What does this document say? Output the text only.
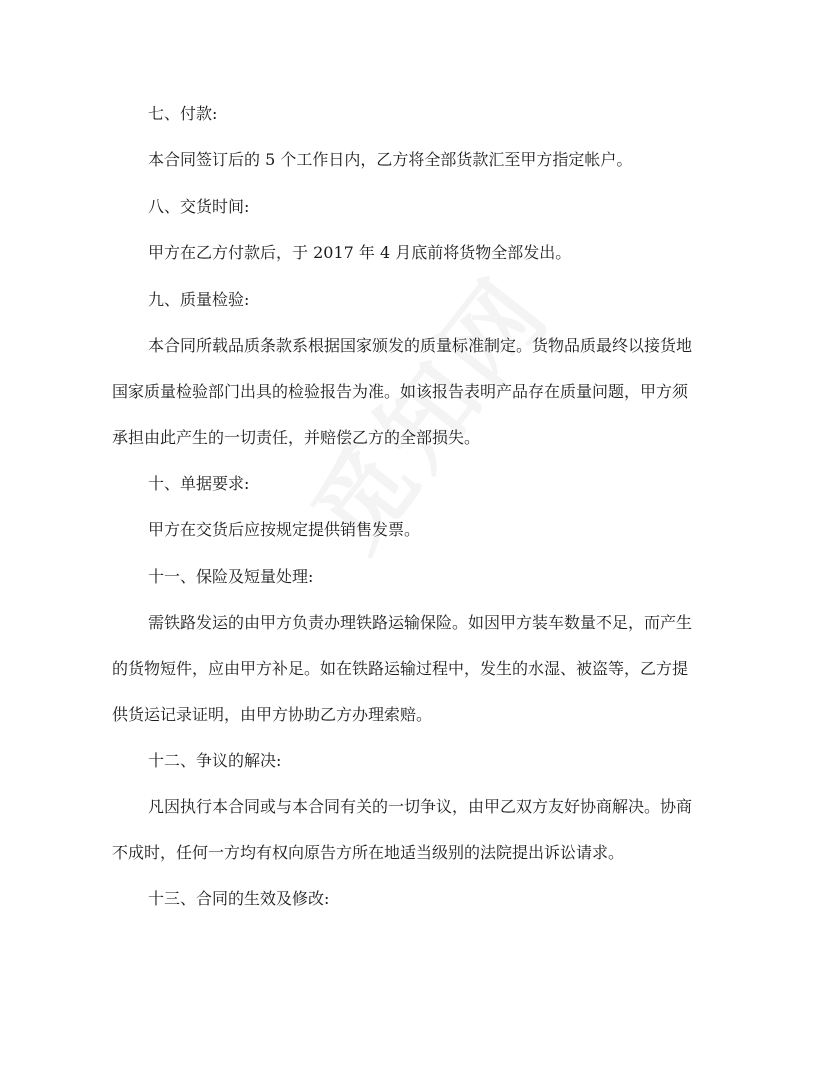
七、付款:

本合同签订后的 5 个工作日内，乙方将全部货款汇至甲方指定帐户。

八、交货时间:

甲方在乙方付款后，于 2017 年 4 月底前将货物全部发出。

九、质量检验:

本合同所载品质条款系根据国家颁发的质量标准制定。货物品质最终以接货地

国家质量检验部门出具的检验报告为准。如该报告表明产品存在质量问题，甲方须

承担由此产生的一切责任，并赔偿乙方的全部损失。

十、单据要求:

甲方在交货后应按规定提供销售发票。

十一、保险及短量处理:

需铁路发运的由甲方负责办理铁路运输保险。如因甲方装车数量不足，而产生

的货物短件，应由甲方补足。如在铁路运输过程中，发生的水湿、被盗等，乙方提

供货运记录证明，由甲方协助乙方办理索赔。

十二、争议的解决:

凡因执行本合同或与本合同有关的一切争议，由甲乙双方友好协商解决。协商

不成时，任何一方均有权向原告方所在地适当级别的法院提出诉讼请求。

十三、合同的生效及修改:
